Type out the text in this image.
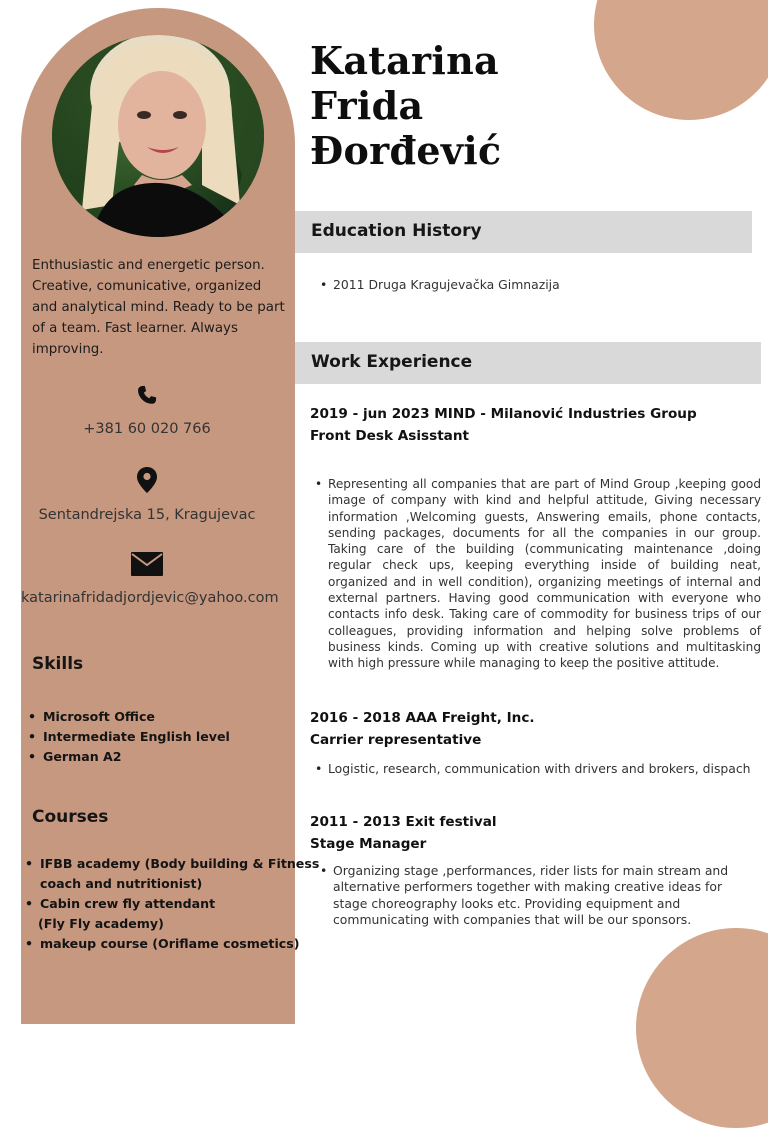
Enthusiastic and energetic person. Creative, comunicative, organized and analytical mind. Ready to be part of a team. Fast learner. Always improving.
+381 60 020 766
Sentandrejska 15, Kragujevac
katarinafridadjordjevic@yahoo.com
Skills
• Microsoft Office
• Intermediate English level
• German A2
Courses
• IFBB academy (Body building & Fitness
coach and nutritionist)
• Cabin crew fly attendant
(Fly Fly academy)
• makeup course (Oriflame cosmetics)
Katarina
Frida
Đorđević
Education History
• 2011 Druga Kragujevačka Gimnazija
Work Experience
2019 - jun 2023 MIND - Milanović Industries Group
Front Desk Asisstant
• Representing all companies that are part of Mind Group ,keeping good image of company with kind and helpful attitude, Giving necessary information ,Welcoming guests, Answering emails, phone contacts, sending packages, documents for all the companies in our group. Taking care of the building (communicating maintenance ,doing regular check ups, keeping everything inside of building neat, organized and in well condition), organizing meetings of internal and external partners. Having good communication with everyone who contacts info desk. Taking care of commodity for business trips of our colleagues, providing information and helping solve problems of business kinds. Coming up with creative solutions and multitasking with high pressure while managing to keep the positive attitude.
2016 - 2018 AAA Freight, Inc.
Carrier representative
• Logistic, research, communication with drivers and brokers, dispach
2011 - 2013 Exit festival
Stage Manager
• Organizing stage ,performances, rider lists for main stream and alternative performers together with making creative ideas for stage choreography looks etc. Providing equipment and communicating with companies that will be our sponsors.
